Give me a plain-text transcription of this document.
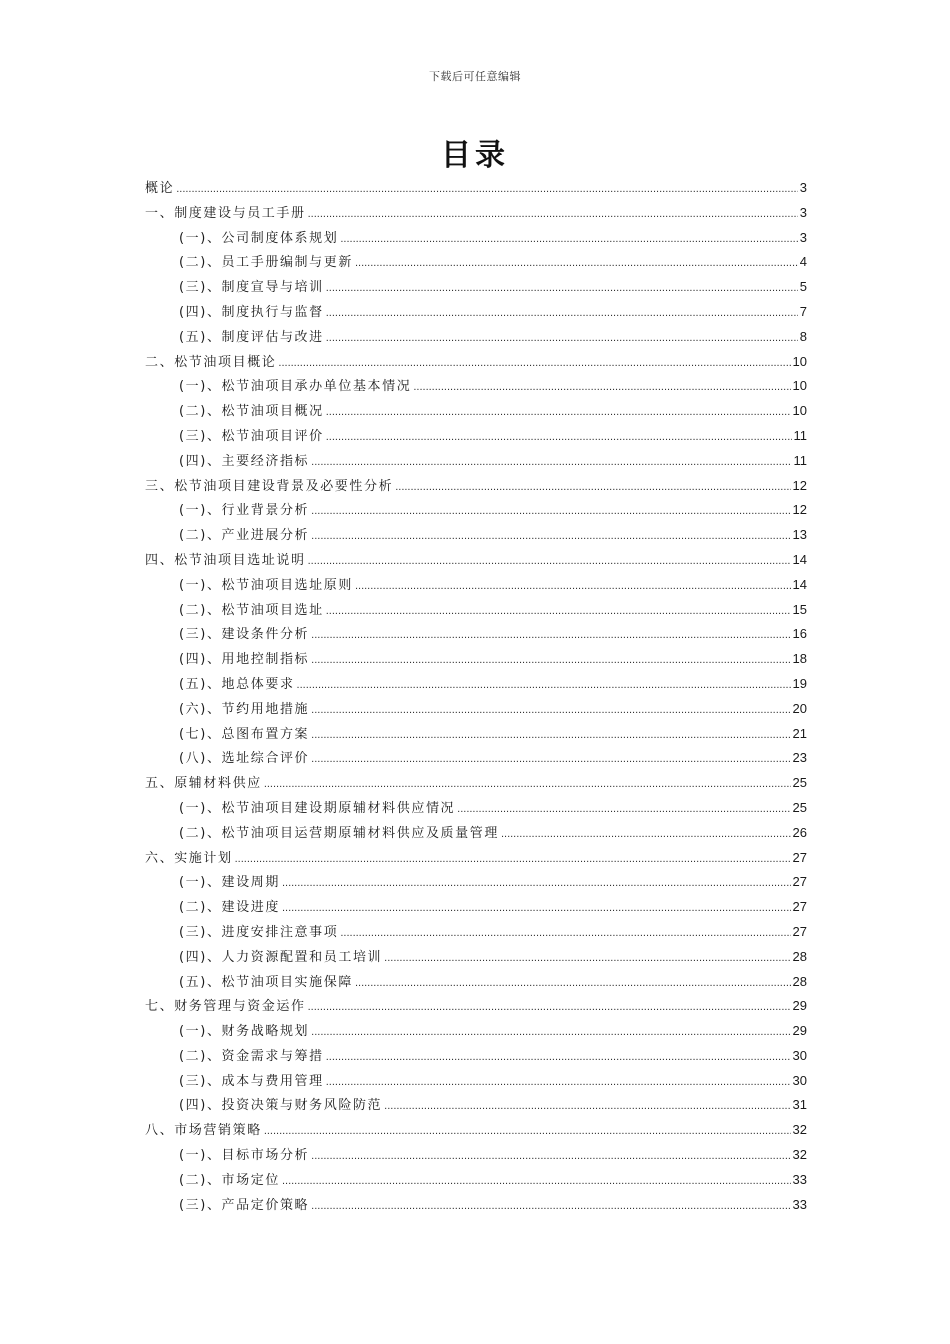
下载后可任意编辑
目录
概论 .....	3
一、制度建设与员工手册 .....	3
(一)、公司制度体系规划 .....	3
(二)、员工手册编制与更新 .....	4
(三)、制度宣导与培训 .....	5
(四)、制度执行与监督 .....	7
(五)、制度评估与改进 .....	8
二、松节油项目概论 .....	10
(一)、松节油项目承办单位基本情况 .....	10
(二)、松节油项目概况 .....	10
(三)、松节油项目评价 .....	11
(四)、主要经济指标 .....	11
三、松节油项目建设背景及必要性分析 .....	12
(一)、行业背景分析 .....	12
(二)、产业进展分析 .....	13
四、松节油项目选址说明 .....	14
(一)、松节油项目选址原则 .....	14
(二)、松节油项目选址 .....	15
(三)、建设条件分析 .....	16
(四)、用地控制指标 .....	18
(五)、地总体要求 .....	19
(六)、节约用地措施 .....	20
(七)、总图布置方案 .....	21
(八)、选址综合评价 .....	23
五、原辅材料供应 .....	25
(一)、松节油项目建设期原辅材料供应情况 .....	25
(二)、松节油项目运营期原辅材料供应及质量管理 .....	26
六、实施计划 .....	27
(一)、建设周期 .....	27
(二)、建设进度 .....	27
(三)、进度安排注意事项 .....	27
(四)、人力资源配置和员工培训 .....	28
(五)、松节油项目实施保障 .....	28
七、财务管理与资金运作 .....	29
(一)、财务战略规划 .....	29
(二)、资金需求与筹措 .....	30
(三)、成本与费用管理 .....	30
(四)、投资决策与财务风险防范 .....	31
八、市场营销策略 .....	32
(一)、目标市场分析 .....	32
(二)、市场定位 .....	33
(三)、产品定价策略 .....	33
